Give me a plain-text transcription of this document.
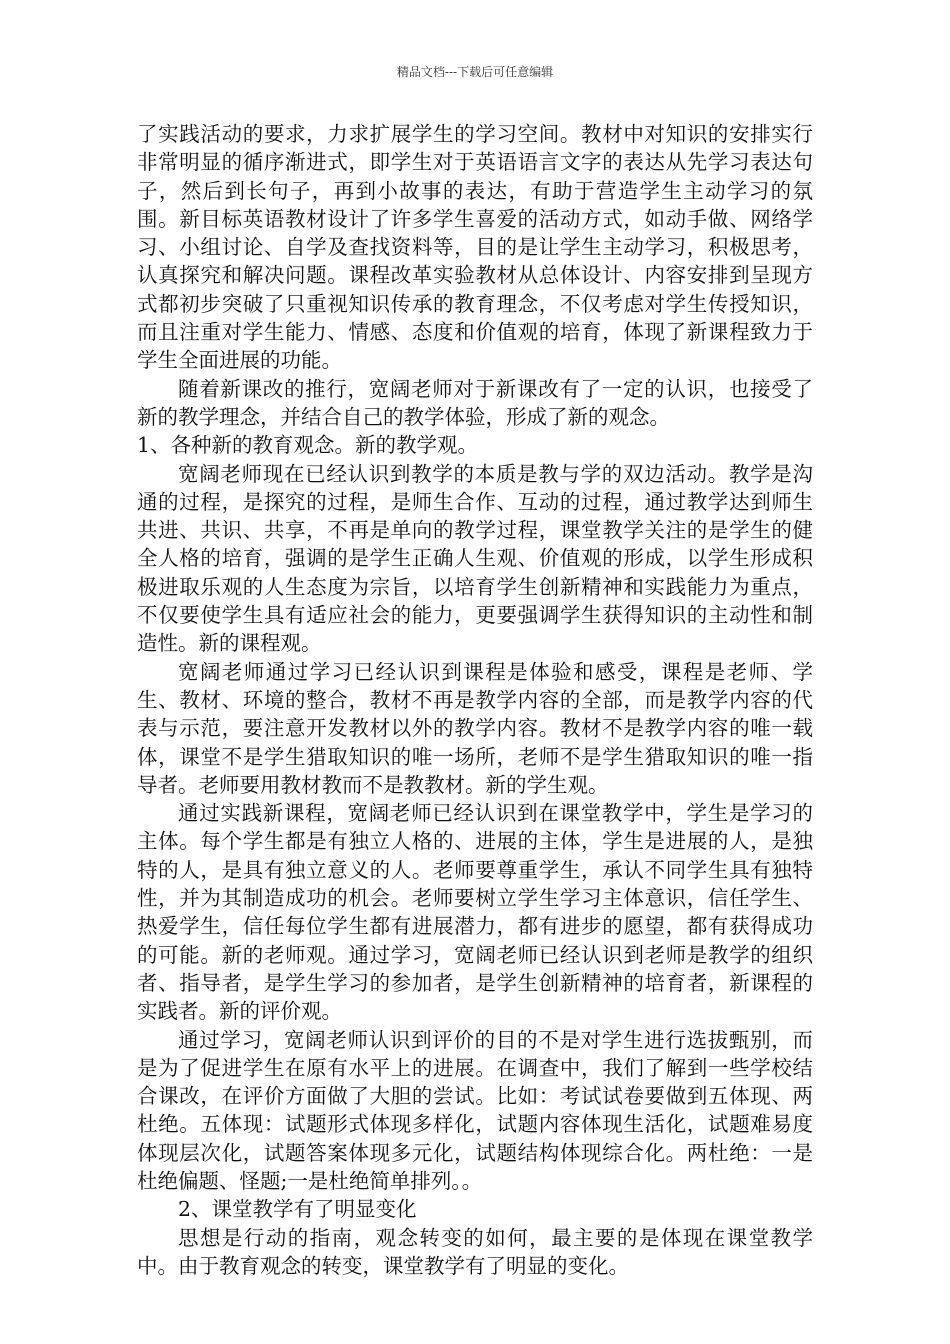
精品文档---下载后可任意编辑

了实践活动的要求，力求扩展学生的学习空间。教材中对知识的安排实行非常明显的循序渐进式，即学生对于英语语言文字的表达从先学习表达句子，然后到长句子，再到小故事的表达，有助于营造学生主动学习的氛围。新目标英语教材设计了许多学生喜爱的活动方式，如动手做、网络学习、小组讨论、自学及查找资料等，目的是让学生主动学习，积极思考，认真探究和解决问题。课程改革实验教材从总体设计、内容安排到呈现方式都初步突破了只重视知识传承的教育理念，不仅考虑对学生传授知识，而且注重对学生能力、情感、态度和价值观的培育，体现了新课程致力于学生全面进展的功能。

随着新课改的推行，宽阔老师对于新课改有了一定的认识，也接受了新的教学理念，并结合自己的教学体验，形成了新的观念。

1、各种新的教育观念。新的教学观。

宽阔老师现在已经认识到教学的本质是教与学的双边活动。教学是沟通的过程，是探究的过程，是师生合作、互动的过程，通过教学达到师生共进、共识、共享，不再是单向的教学过程，课堂教学关注的是学生的健全人格的培育，强调的是学生正确人生观、价值观的形成，以学生形成积极进取乐观的人生态度为宗旨，以培育学生创新精神和实践能力为重点，不仅要使学生具有适应社会的能力，更要强调学生获得知识的主动性和制造性。新的课程观。

宽阔老师通过学习已经认识到课程是体验和感受，课程是老师、学生、教材、环境的整合，教材不再是教学内容的全部，而是教学内容的代表与示范，要注意开发教材以外的教学内容。教材不是教学内容的唯一载体，课堂不是学生猎取知识的唯一场所，老师不是学生猎取知识的唯一指导者。老师要用教材教而不是教教材。新的学生观。

通过实践新课程，宽阔老师已经认识到在课堂教学中，学生是学习的主体。每个学生都是有独立人格的、进展的主体，学生是进展的人，是独特的人，是具有独立意义的人。老师要尊重学生，承认不同学生具有独特性，并为其制造成功的机会。老师要树立学生学习主体意识，信任学生、热爱学生，信任每位学生都有进展潜力，都有进步的愿望，都有获得成功的可能。新的老师观。通过学习，宽阔老师已经认识到老师是教学的组织者、指导者，是学生学习的参加者，是学生创新精神的培育者，新课程的实践者。新的评价观。

通过学习，宽阔老师认识到评价的目的不是对学生进行选拔甄别，而是为了促进学生在原有水平上的进展。在调查中，我们了解到一些学校结合课改，在评价方面做了大胆的尝试。比如：考试试卷要做到五体现、两杜绝。五体现：试题形式体现多样化，试题内容体现生活化，试题难易度体现层次化，试题答案体现多元化，试题结构体现综合化。两杜绝：一是杜绝偏题、怪题;一是杜绝简单排列。。

2、课堂教学有了明显变化

思想是行动的指南，观念转变的如何，最主要的是体现在课堂教学中。由于教育观念的转变，课堂教学有了明显的变化。
